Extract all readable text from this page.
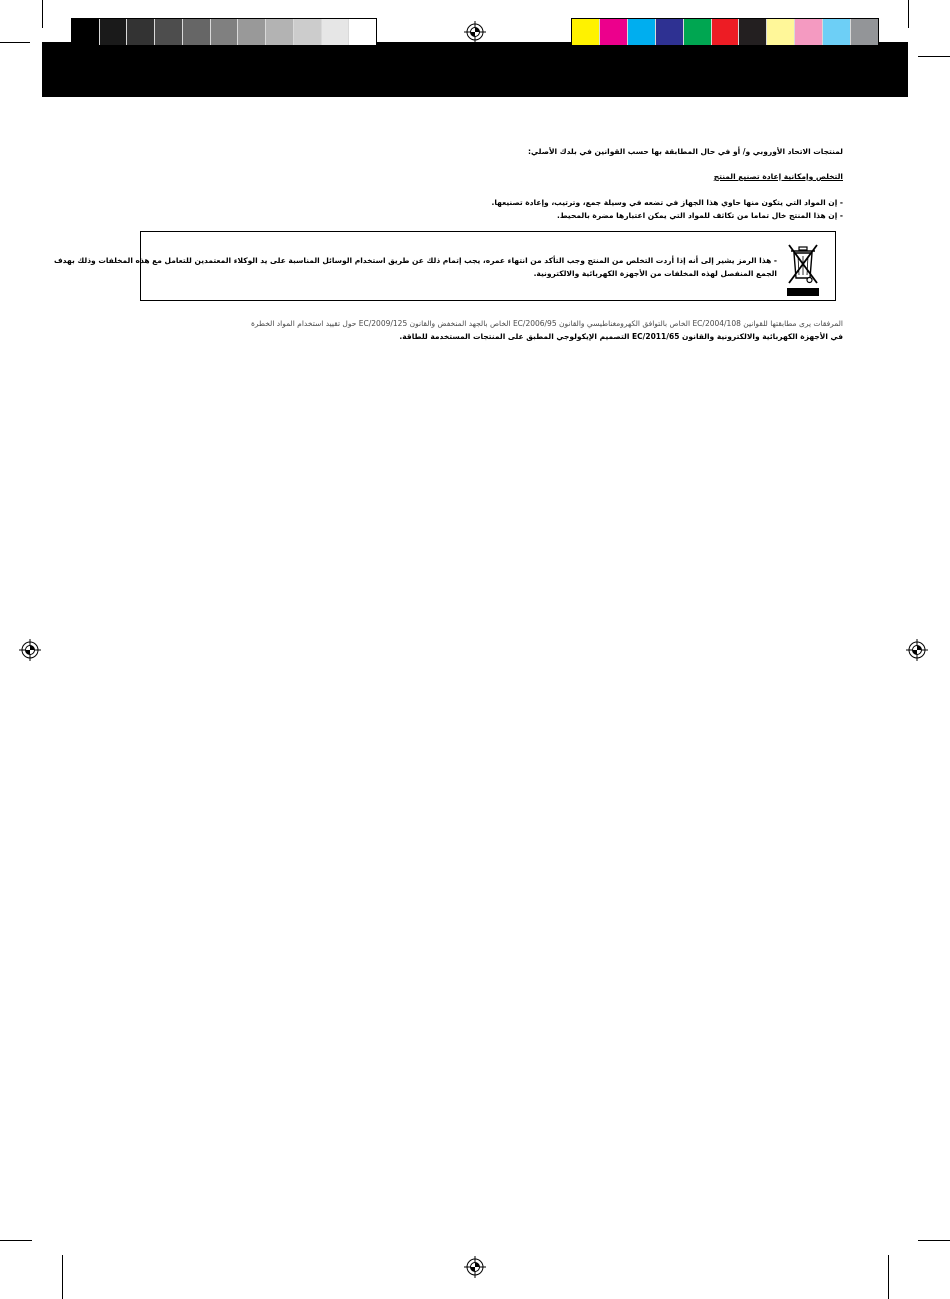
لمنتجات الاتحاد الأوروبي و/ أو في حال المطابقة بها حسب القوانين في بلدك الأصلي:
التخلص وإمكانية إعادة تصنيع المنتج
- إن المواد التي يتكون منها حاوي هذا الجهاز في تضعه في وسيلة جمع، وترتيب، وإعادة تصنيعها.
- إن هذا المنتج خال تماما من تكاثف للمواد التي يمكن اعتبارها مضرة بالمحيط.
- هذا الرمز يشير إلى أنه إذا أردت التخلص من المنتج وجب التأكد من انتهاء عمره، يجب إتمام ذلك عن طريق استخدام الوسائل المناسبة على يد الوكلاء المعتمدين للتعامل مع هذه المخلفات وذلك بهدف
الجمع المنفصل لهذه المخلفات من الأجهزة الكهربائية والالكترونية.
المرفقات يرى مطابقتها للقوانين EC/2004/108 الخاص بالتوافق الكهرومغناطيسي والقانون EC/2006/95 الخاص بالجهد المنخفض والقانون EC/2009/125 حول تقييد استخدام المواد الخطرة
في الأجهزة الكهربائية والالكترونية والقانون EC/2011/65 التصميم الإيكولوجي المطبق على المنتجات المستخدمة للطاقة.
